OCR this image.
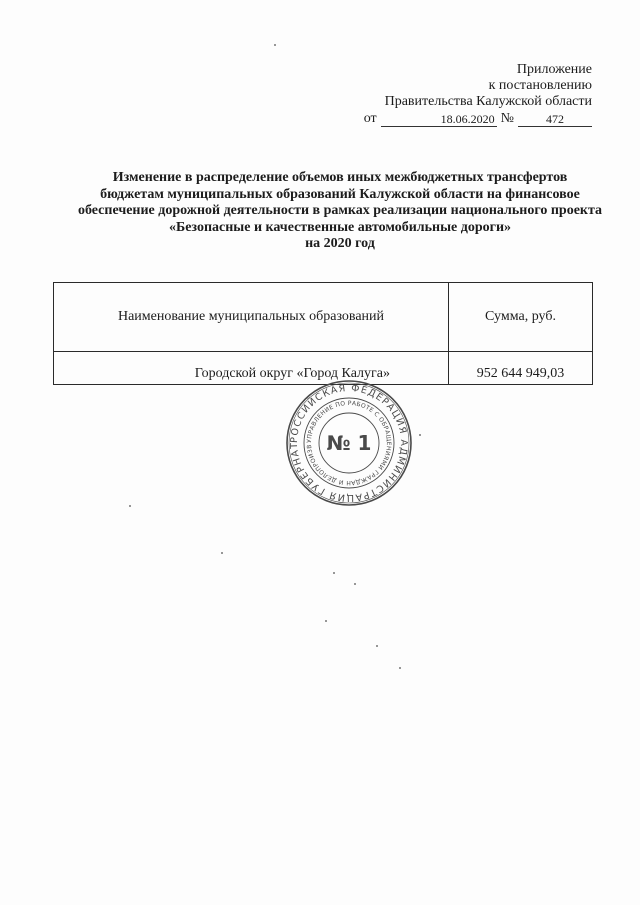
Приложение
к постановлению
Правительства Калужской области
от	18.06.2020 №	472
Изменение в распределение объемов иных межбюджетных трансфертов
бюджетам муниципальных образований Калужской области на финансовое
обеспечение дорожной деятельности в рамках реализации национального проекта
«Безопасные и качественные автомобильные дороги»
на 2020 год
Наименование муниципальных образований	Сумма, руб.
Городской округ «Город Калуга»	952 644 949,03
РОССИЙСКАЯ ФЕДЕРАЦИЯ АДМИНИСТРАЦИЯ ГУБЕРНАТ
УПРАВЛЕНИЕ ПО РАБОТЕ С ОБРАЩЕНИЯМИ ГРАЖДАН И ДЕЛОПРОИЗВ № 1
